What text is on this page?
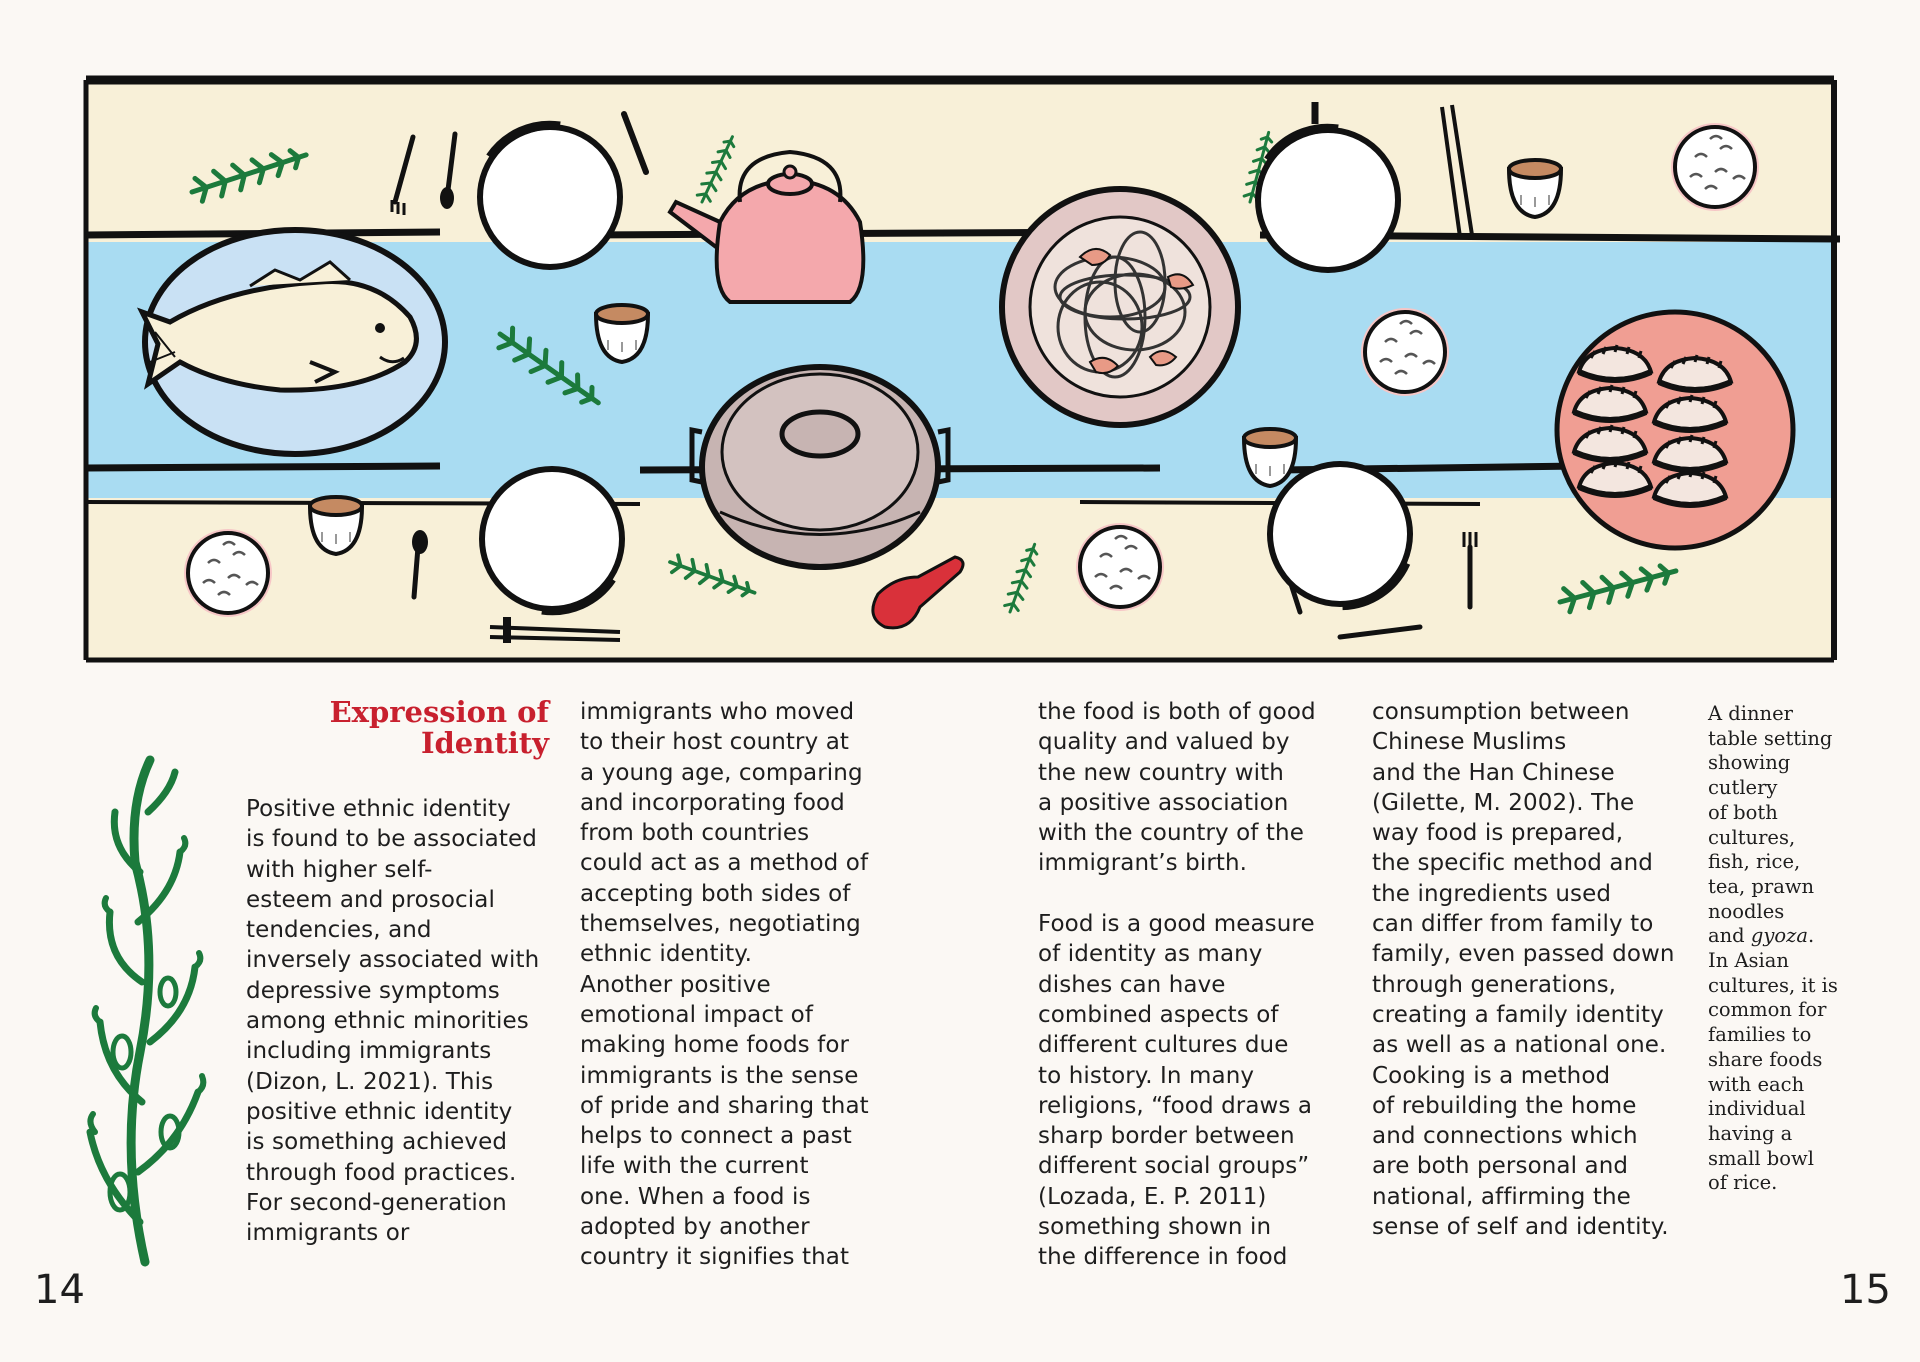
Expression of
Identity
Positive ethnic identity
is found to be associated
with higher self-
esteem and prosocial
tendencies, and
inversely associated with
depressive symptoms
among ethnic minorities
including immigrants
(Dizon, L. 2021). This
positive ethnic identity
is something achieved
through food practices.
For second-generation
immigrants or
immigrants who moved
to their host country at
a young age, comparing
and incorporating food
from both countries
could act as a method of
accepting both sides of
themselves, negotiating
ethnic identity.
Another positive
emotional impact of
making home foods for
immigrants is the sense
of pride and sharing that
helps to connect a past
life with the current
one. When a food is
adopted by another
country it signifies that
the food is both of good
quality and valued by
the new country with
a positive association
with the country of the
immigrant’s birth.

Food is a good measure
of identity as many
dishes can have
combined aspects of
different cultures due
to history. In many
religions, “food draws a
sharp border between
different social groups”
(Lozada, E. P. 2011)
something shown in
the difference in food
consumption between
Chinese Muslims
and the Han Chinese
(Gilette, M. 2002). The
way food is prepared,
the specific method and
the ingredients used
can differ from family to
family, even passed down
through generations,
creating a family identity
as well as a national one.
Cooking is a method
of rebuilding the home
and connections which
are both personal and
national, affirming the
sense of self and identity.
A dinner
table setting
showing
cutlery
of both
cultures,
fish, rice,
tea, prawn
noodles
and gyoza.
In Asian
cultures, it is
common for
families to
share foods
with each
individual
having a
small bowl
of rice.
14	15
